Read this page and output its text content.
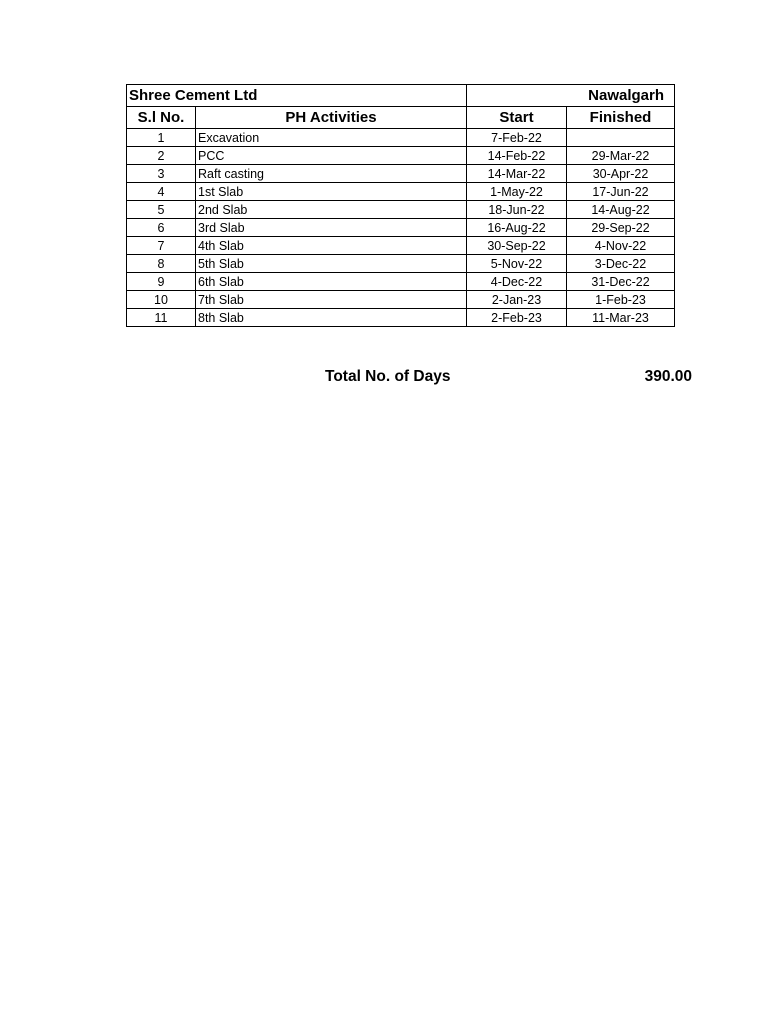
Shree Cement Ltd		Nawalgarh	
S.l No.	PH Activities	Start	Finished
1	Excavation	7-Feb-22	
2	PCC	14-Feb-22	29-Mar-22
3	Raft casting	14-Mar-22	30-Apr-22
4	1st Slab	1-May-22	17-Jun-22
5	2nd Slab	18-Jun-22	14-Aug-22
6	3rd Slab	16-Aug-22	29-Sep-22
7	4th Slab	30-Sep-22	4-Nov-22
8	5th Slab	5-Nov-22	3-Dec-22
9	6th Slab	4-Dec-22	31-Dec-22
10	7th Slab	2-Jan-23	1-Feb-23
11	8th Slab	2-Feb-23	11-Mar-23
Total No. of Days	390.00
